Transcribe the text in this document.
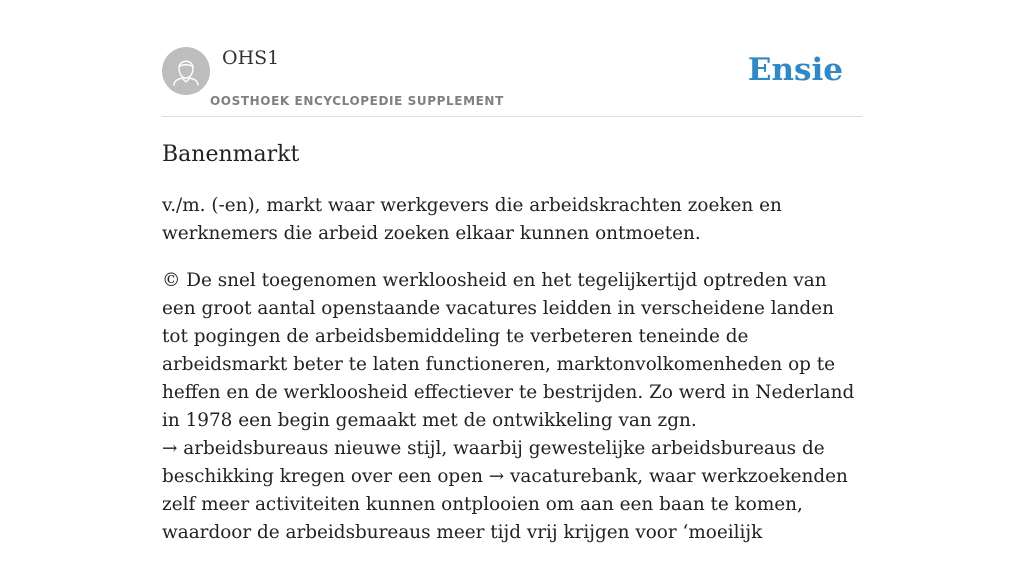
OHS1
OOSTHOEK ENCYCLOPEDIE SUPPLEMENT
Ensie
Banenmarkt

v./m. (-en), markt waar werkgevers die arbeidskrachten zoeken en werknemers die arbeid zoeken elkaar kunnen ontmoeten.

© De snel toegenomen werkloosheid en het tegelijkertijd optreden van een groot aantal openstaande vacatures leidden in verscheidene landen tot pogingen de arbeidsbemiddeling te verbeteren teneinde de arbeidsmarkt beter te laten functioneren, marktonvolkomenheden op te heffen en de werkloosheid effectiever te bestrijden. Zo werd in Nederland in 1978 een begin gemaakt met de ontwikkeling van zgn. → arbeidsbureaus nieuwe stijl, waarbij gewestelijke arbeidsbureaus de beschikking kregen over een open → vacaturebank, waar werkzoekenden zelf meer activiteiten kunnen ontplooien om aan een baan te komen, waardoor de arbeidsbureaus meer tijd vrij krijgen voor ‘moeilijk
